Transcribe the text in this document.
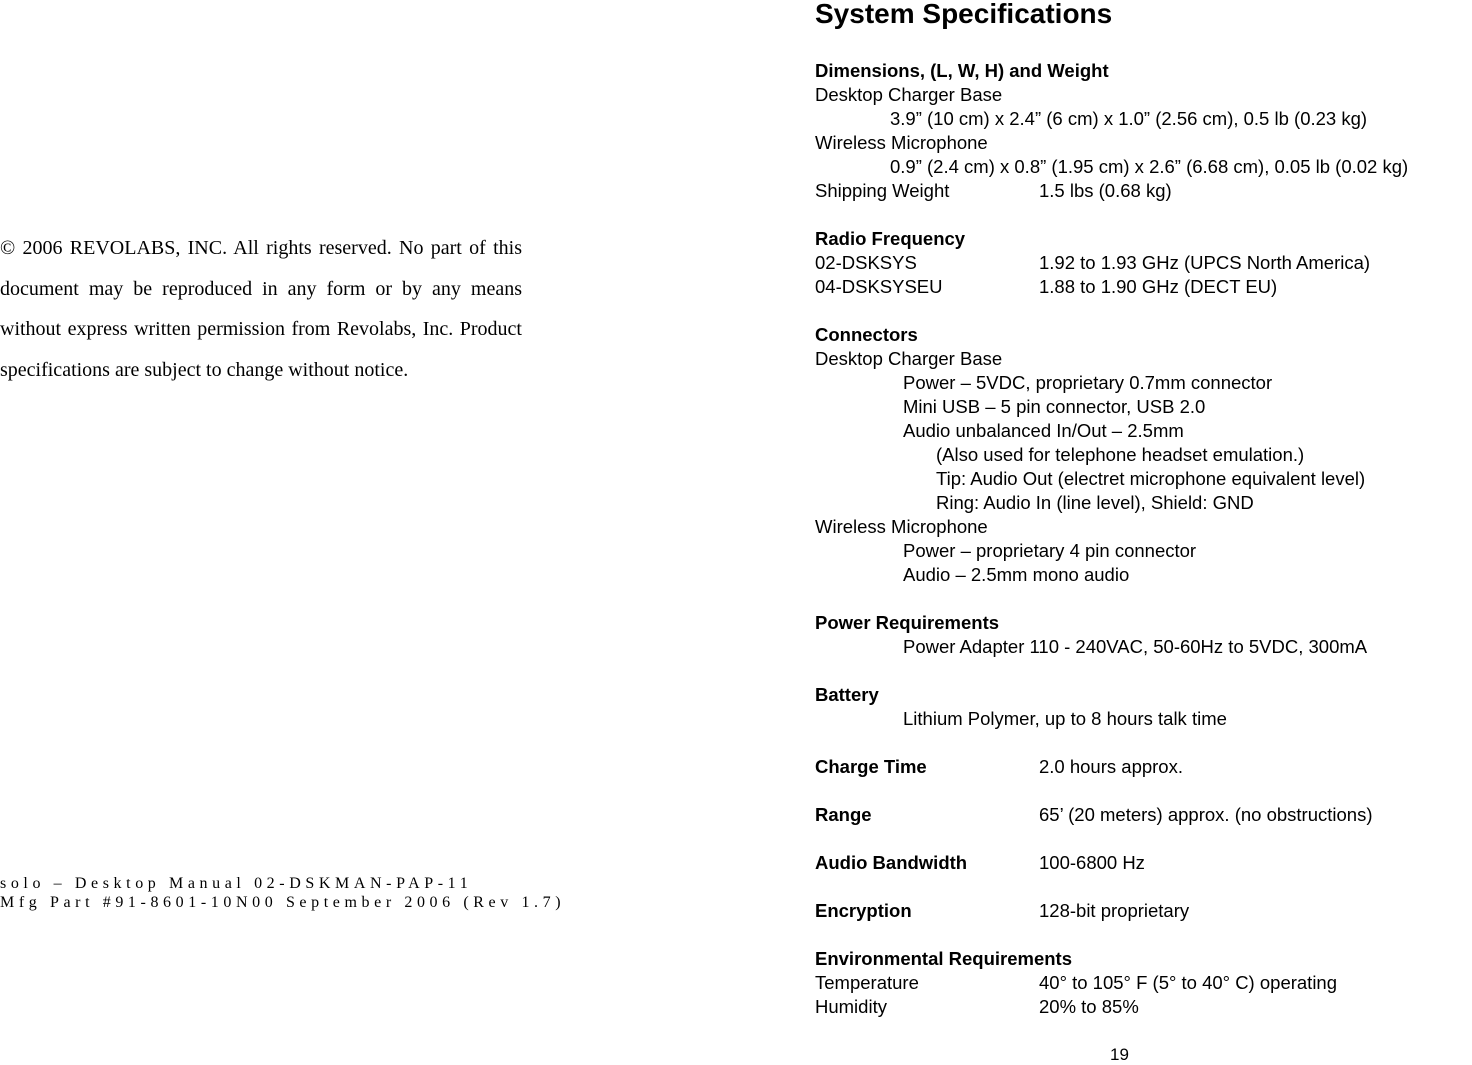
© 2006 REVOLABS, INC. All rights reserved. No part of this document may be reproduced in any form or by any means without express written permission from Revolabs, Inc. Product specifications are subject to change without notice.
solo – Desktop Manual 02-DSKMAN-PAP-11
Mfg Part #91-8601-10N00 September 2006 (Rev 1.7)
System Specifications
Dimensions, (L, W, H) and Weight
Desktop Charger Base
3.9” (10 cm) x 2.4” (6 cm) x 1.0” (2.56 cm), 0.5 lb (0.23 kg)
Wireless Microphone
0.9” (2.4 cm) x 0.8” (1.95 cm) x 2.6” (6.68 cm), 0.05 lb (0.02 kg)
Shipping Weight	1.5 lbs (0.68 kg)
Radio Frequency
02-DSKSYS	1.92 to 1.93 GHz (UPCS North America)
04-DSKSYSEU	1.88 to 1.90 GHz (DECT EU)
Connectors
Desktop Charger Base
Power – 5VDC, proprietary 0.7mm connector
Mini USB – 5 pin connector, USB 2.0
Audio unbalanced In/Out – 2.5mm
(Also used for telephone headset emulation.)
Tip: Audio Out (electret microphone equivalent level)
Ring: Audio In (line level), Shield: GND
Wireless Microphone
Power – proprietary 4 pin connector
Audio – 2.5mm mono audio
Power Requirements
Power Adapter 110 - 240VAC, 50-60Hz to 5VDC, 300mA
Battery
Lithium Polymer, up to 8 hours talk time
Charge Time	2.0 hours approx.
Range	65’ (20 meters) approx. (no obstructions)
Audio Bandwidth	100-6800 Hz
Encryption	128-bit proprietary
Environmental Requirements
Temperature	40° to 105° F (5° to 40° C) operating
Humidity	20% to 85%
19
